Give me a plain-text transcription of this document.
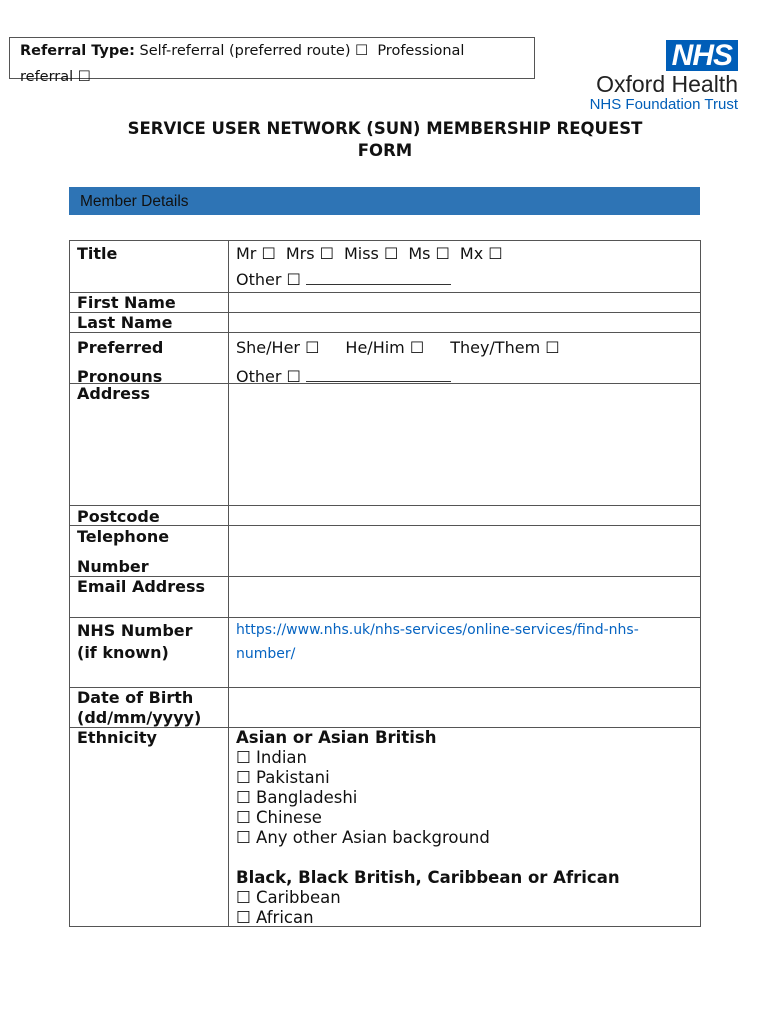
Referral Type: Self-referral (preferred route) ☐ Professional
referral ☐
NHS
Oxford Health
NHS Foundation Trust
SERVICE USER NETWORK (SUN) MEMBERSHIP REQUEST
FORM
Member Details
Title	Mr ☐ Mrs ☐ Miss ☐ Ms ☐ Mx ☐
Other ☐
First Name
Last Name
Preferred
Pronouns
She/Her ☐ He/Him ☐ They/Them ☐
Other ☐
Address
Postcode
Telephone
Number
Email Address
NHS Number
(if known)
https://www.nhs.uk/nhs-services/online-services/find-nhs-
number/
Date of Birth
(dd/mm/yyyy)
Ethnicity	Asian or Asian British
☐ Indian
☐ Pakistani
☐ Bangladeshi
☐ Chinese
☐ Any other Asian background
Black, Black British, Caribbean or African
☐ Caribbean
☐ African
